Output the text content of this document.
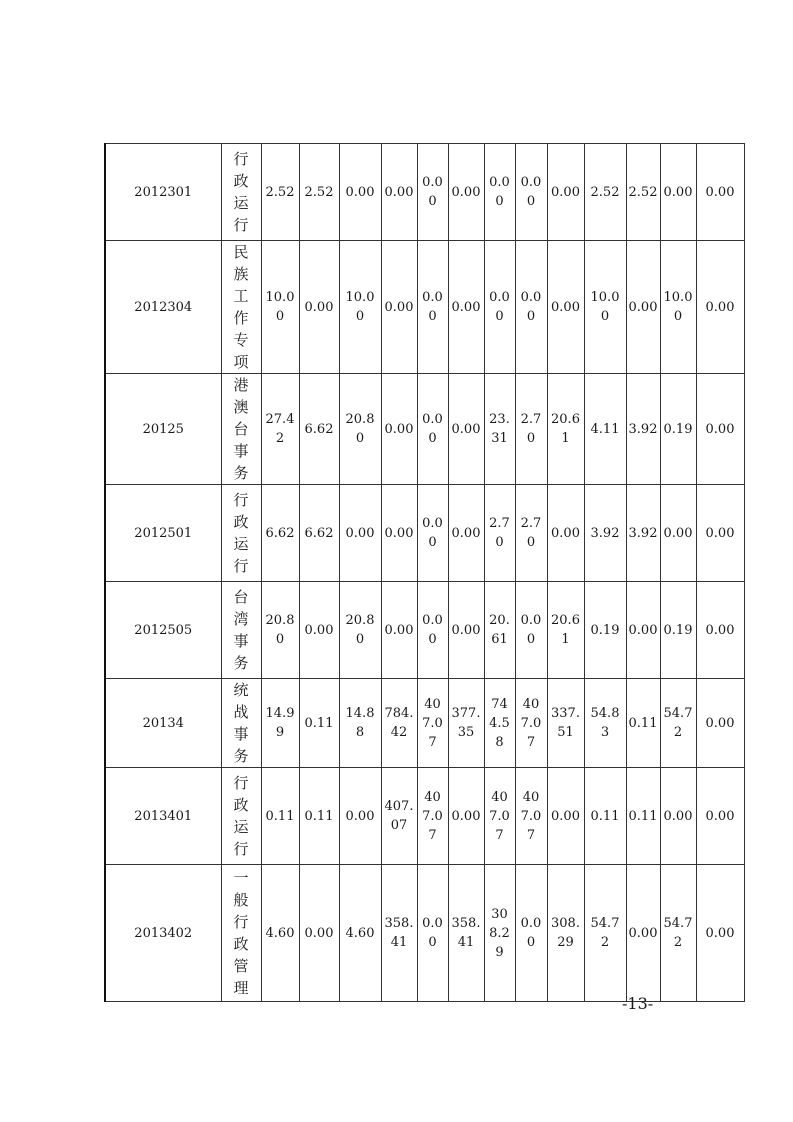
2012301	行政运行	2.52	2.52	0.00	0.00	0.00	0.00	0.00	0.00	0.00	2.52	2.52	0.00	0.00
2012304	民族工作专项	10.00	0.00	10.00	0.00	0.00	0.00	0.00	0.00	0.00	10.00	0.00	10.00	0.00
20125	港澳台事务	27.42	6.62	20.80	0.00	0.00	0.00	23.31	2.70	20.61	4.11	3.92	0.19	0.00
2012501	行政运行	6.62	6.62	0.00	0.00	0.00	0.00	2.70	2.70	0.00	3.92	3.92	0.00	0.00
2012505	台湾事务	20.80	0.00	20.80	0.00	0.00	0.00	20.61	0.00	20.61	0.19	0.00	0.19	0.00
20134	统战事务	14.99	0.11	14.88	784.42	407.07	377.35	744.58	407.07	337.51	54.83	0.11	54.72	0.00
2013401	行政运行	0.11	0.11	0.00	407.07	407.07	0.00	407.07	407.07	0.00	0.11	0.11	0.00	0.00
2013402	一般行政管理	4.60	0.00	4.60	358.41	0.00	358.41	308.29	0.00	308.29	54.72	0.00	54.72	0.00
-13-
